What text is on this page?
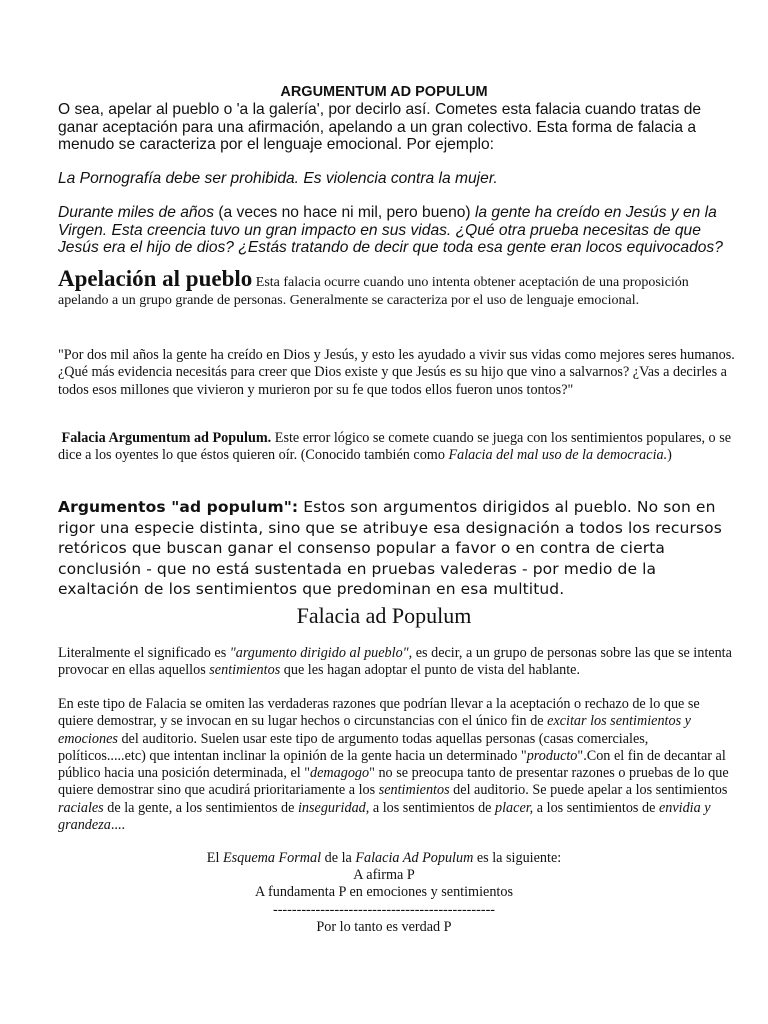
ARGUMENTUM AD POPULUM

O sea, apelar al pueblo o 'a la galería', por decirlo así. Cometes esta falacia cuando tratas de ganar aceptación para una afirmación, apelando a un gran colectivo. Esta forma de falacia a menudo se caracteriza por el lenguaje emocional. Por ejemplo:

La Pornografía debe ser prohibida. Es violencia contra la mujer.

Durante miles de años (a veces no hace ni mil, pero bueno) la gente ha creído en Jesús y en la Virgen. Esta creencia tuvo un gran impacto en sus vidas. ¿Qué otra prueba necesitas de que Jesús era el hijo de dios? ¿Estás tratando de decir que toda esa gente eran locos equivocados?

Apelación al pueblo Esta falacia ocurre cuando uno intenta obtener aceptación de una proposición apelando a un grupo grande de personas. Generalmente se caracteriza por el uso de lenguaje emocional.

"Por dos mil años la gente ha creído en Dios y Jesús, y esto les ayudado a vivir sus vidas como mejores seres humanos. ¿Qué más evidencia necesitás para creer que Dios existe y que Jesús es su hijo que vino a salvarnos? ¿Vas a decirles a todos esos millones que vivieron y murieron por su fe que todos ellos fueron unos tontos?"

Falacia Argumentum ad Populum. Este error lógico se comete cuando se juega con los sentimientos populares, o se dice a los oyentes lo que éstos quieren oír. (Conocido también como Falacia del mal uso de la democracia.)

Argumentos "ad populum": Estos son argumentos dirigidos al pueblo. No son en rigor una especie distinta, sino que se atribuye esa designación a todos los recursos retóricos que buscan ganar el consenso popular a favor o en contra de cierta conclusión - que no está sustentada en pruebas valederas - por medio de la exaltación de los sentimientos que predominan en esa multitud.

Falacia ad Populum

Literalmente el significado es "argumento dirigido al pueblo", es decir, a un grupo de personas sobre las que se intenta provocar en ellas aquellos sentimientos que les hagan adoptar el punto de vista del hablante.

En este tipo de Falacia se omiten las verdaderas razones que podrían llevar a la aceptación o rechazo de lo que se quiere demostrar, y se invocan en su lugar hechos o circunstancias con el único fin de excitar los sentimientos y emociones del auditorio. Suelen usar este tipo de argumento todas aquellas personas (casas comerciales, políticos.....etc) que intentan inclinar la opinión de la gente hacia un determinado "producto".Con el fin de decantar al público hacia una posición determinada, el "demagogo" no se preocupa tanto de presentar razones o pruebas de lo que quiere demostrar sino que acudirá prioritariamente a los sentimientos del auditorio. Se puede apelar a los sentimientos raciales de la gente, a los sentimientos de inseguridad, a los sentimientos de placer, a los sentimientos de envidia y grandeza....

El Esquema Formal de la Falacia Ad Populum es la siguiente:
A afirma P
A fundamenta P en emociones y sentimientos
-----------------------------------------------
Por lo tanto es verdad P
